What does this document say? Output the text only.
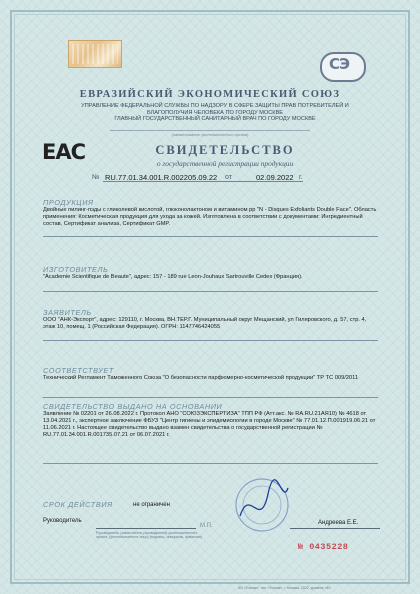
СЭ
ЕВРАЗИЙСКИЙ ЭКОНОМИЧЕСКИЙ СОЮЗ
УПРАВЛЕНИЕ ФЕДЕРАЛЬНОЙ СЛУЖБЫ ПО НАДЗОРУ В СФЕРЕ ЗАЩИТЫ ПРАВ ПОТРЕБИТЕЛЕЙ И
БЛАГОПОЛУЧИЯ ЧЕЛОВЕКА ПО ГОРОДУ МОСКВЕ
ГЛАВНЫЙ ГОСУДАРСТВЕННЫЙ САНИТАРНЫЙ ВРАЧ ПО ГОРОДУ МОСКВЕ
(наименование уполномоченного органа)
EAC	СВИДЕТЕЛЬСТВО
о государственной регистрации продукции
№ RU.77.01.34.001.R.002205.09.22 от	02.09.2022 г.
ПРОДУКЦИЯ
Двойные пилинг-пэды с гликолевой кислотой, глюконолактоном и витамином pp "N - Disques Exfoliants Double Face". Область применения: Косметическая продукция для ухода за кожей. Изготовлена в соответствии с документами: Ингредиентный состав, Сертификат анализа, Сертификат GMP.
ИЗГОТОВИТЕЛЬ
"Academie Scientifique de Beaute", адрес: 157 - 189 rue Leon-Jouhaux Sartrouville Cedex (Франция).
ЗАЯВИТЕЛЬ
ООО "АНК-Экспорт", адрес: 129110, г. Москва, ВН.ТЕР.Г. Муниципальный округ Мещанский, ул Гиляровского, д. 57, стр. 4, этаж 10, помещ. 1 (Российская Федерация). ОГРН: 1147746424055
СООТВЕТСТВУЕТ
Технический Регламент Таможенного Союза "О безопасности парфюмерно-косметической продукции" ТР ТС 009/2011
СВИДЕТЕЛЬСТВО ВЫДАНО НА ОСНОВАНИИ
Заявление № 02201 от 26.08.2022 г. Протокол АНО "СОЮЗЭКСПЕРТИЗА" ТПП РФ (Атт.акс. № RA.RU.21АЯ10) № 4618 от 13.04.2021 г., экспертное заключение ФБУЗ "Центр гигиены и эпидемиологии в городе Москве" № 77.01.12.П.001919.06.21 от 11.06.2021 г. Настоящее свидетельство выдано взамен свидетельства о государственной регистрации № RU.77.01.34.001.R.001735.07.21 от 06.07.2021 г.
СРОК ДЕЙСТВИЯ	не ограничен
Руководитель
М.П.	Андреева Е.Е.
Руководитель (заместитель руководителя) уполномоченного органа, (уполномоченное лицо) (подпись, инициалы, фамилия)
№ 0435228
АО «Гознак», тип. «Гознак», г. Москва, 2022, уровень «Б»
